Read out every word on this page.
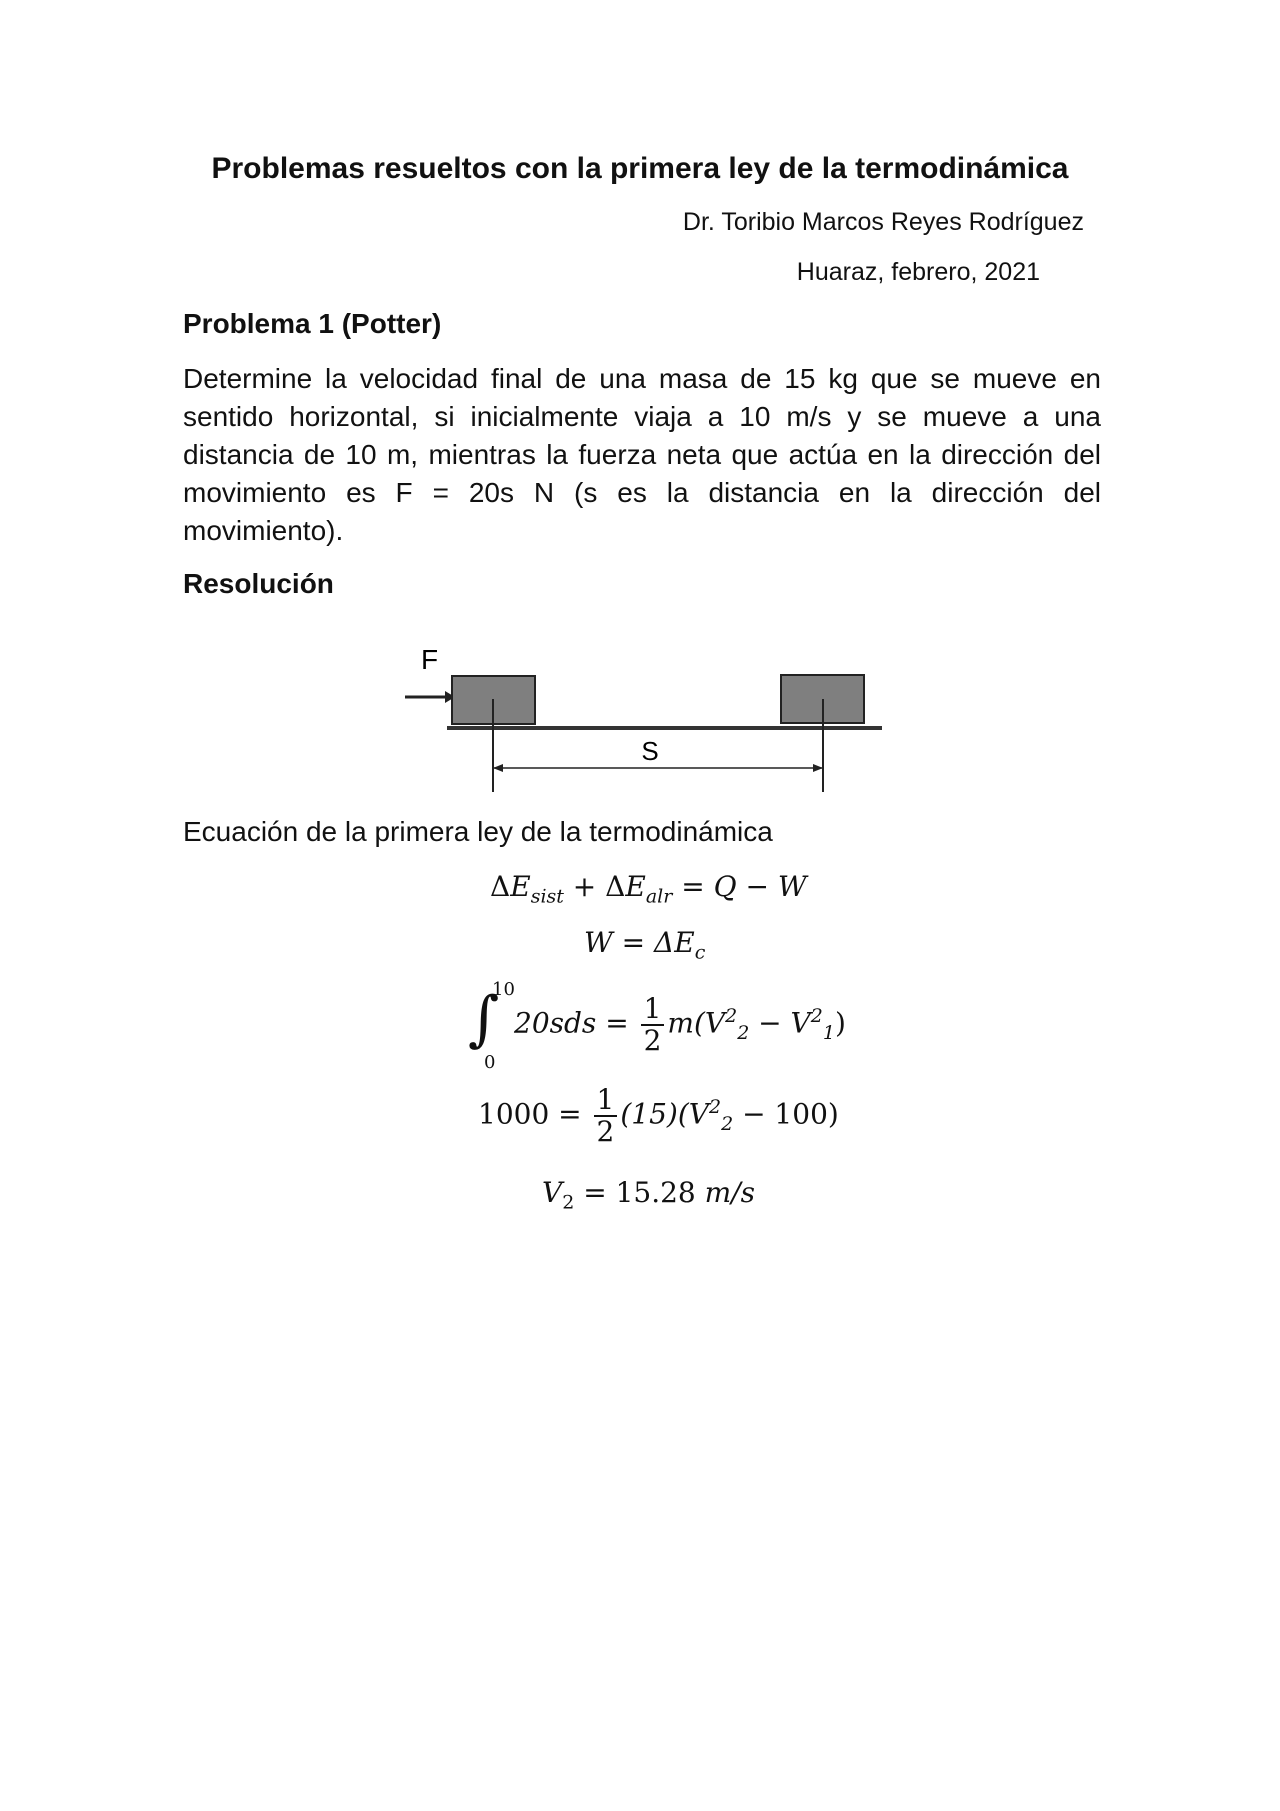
Problemas resueltos con la primera ley de la termodinámica
Dr. Toribio Marcos Reyes Rodríguez
Huaraz, febrero, 2021
Problema 1 (Potter)

Determine la velocidad final de una masa de 15 kg que se mueve en sentido horizontal, si inicialmente viaja a 10 m/s y se mueve a una distancia de 10 m, mientras la fuerza neta que actúa en la dirección del movimiento es F = 20s N (s es la distancia en la dirección del movimiento).

Resolución
F
S
Ecuación de la primera ley de la termodinámica
$\Delta E_{sist} + \Delta E_{alr} = Q - W$
$W = \Delta E_c$
∫
10
0
$20sds = \frac{1}{2} m(V^2_2 - V^2_1)$
$1000 = \frac{1}{2} (15)(V^2_2 - 100)$
$V_2 = 15.28$ m/s
